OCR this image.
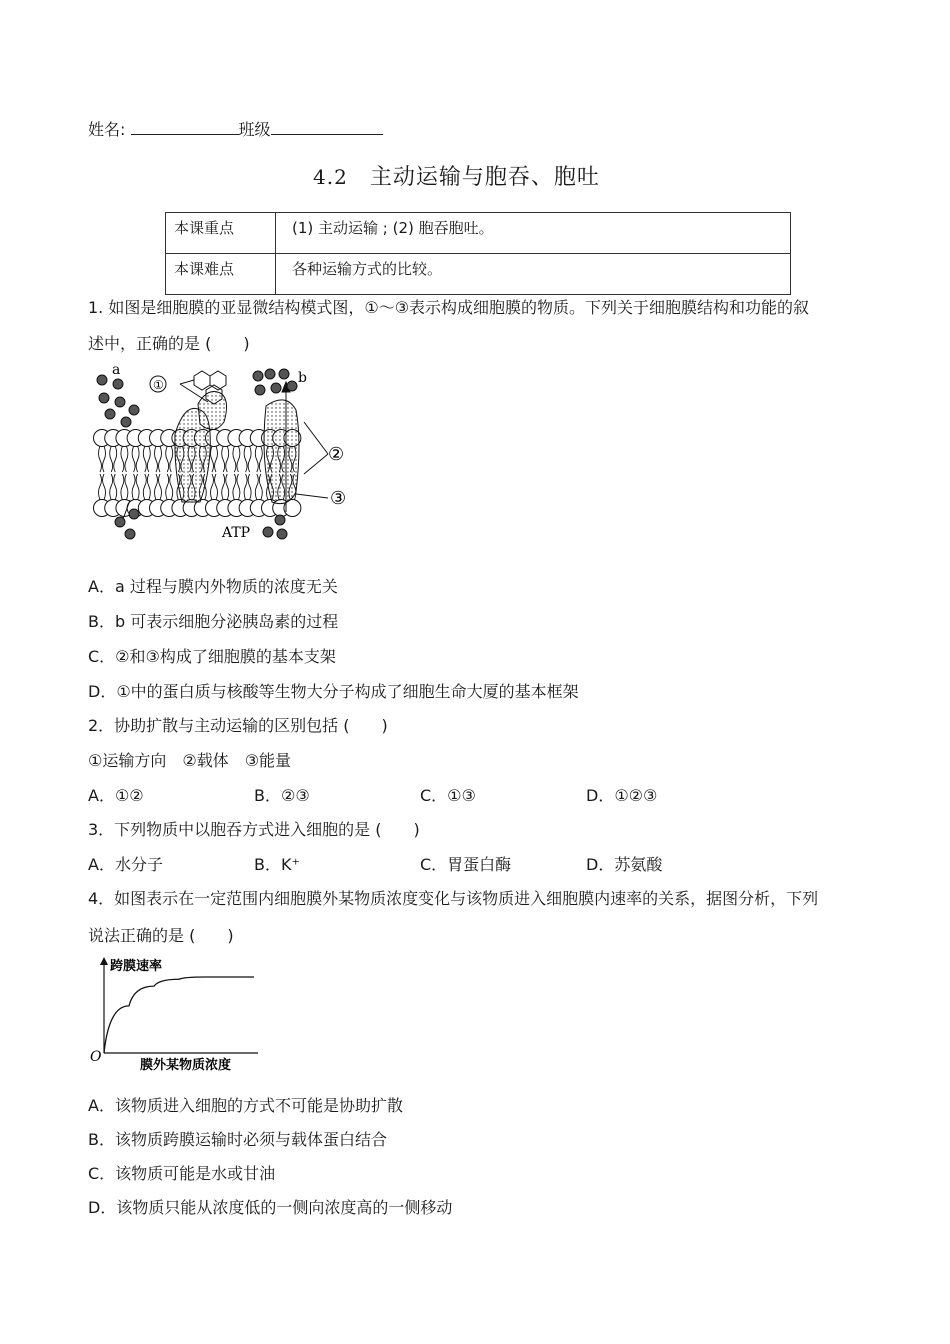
姓名:	班级
4.2 主动运输与胞吞、胞吐
本课重点	(1) 主动运输 ; (2) 胞吞胞吐。
本课难点	各种运输方式的比较。
1. 如图是细胞膜的亚显微结构模式图，①～③表示构成细胞膜的物质。下列关于细胞膜结构和功能的叙
述中，正确的是 (　　)
①
a	b
ATP
②
③
A．a 过程与膜内外物质的浓度无关
B．b 可表示细胞分泌胰岛素的过程
C．②和③构成了细胞膜的基本支架
D．①中的蛋白质与核酸等生物大分子构成了细胞生命大厦的基本框架
2．协助扩散与主动运输的区别包括 (　　)
①运输方向　②载体　③能量
A．①②	B．②③	C．①③	D．①②③
3．下列物质中以胞吞方式进入细胞的是 (　　)
A．水分子	B．K⁺	C．胃蛋白酶	D．苏氨酸
4．如图表示在一定范围内细胞膜外某物质浓度变化与该物质进入细胞膜内速率的关系，据图分析，下列
说法正确的是 (　　)
跨膜速率
膜外某物质浓度
O
A．该物质进入细胞的方式不可能是协助扩散
B．该物质跨膜运输时必须与载体蛋白结合
C．该物质可能是水或甘油
D．该物质只能从浓度低的一侧向浓度高的一侧移动
